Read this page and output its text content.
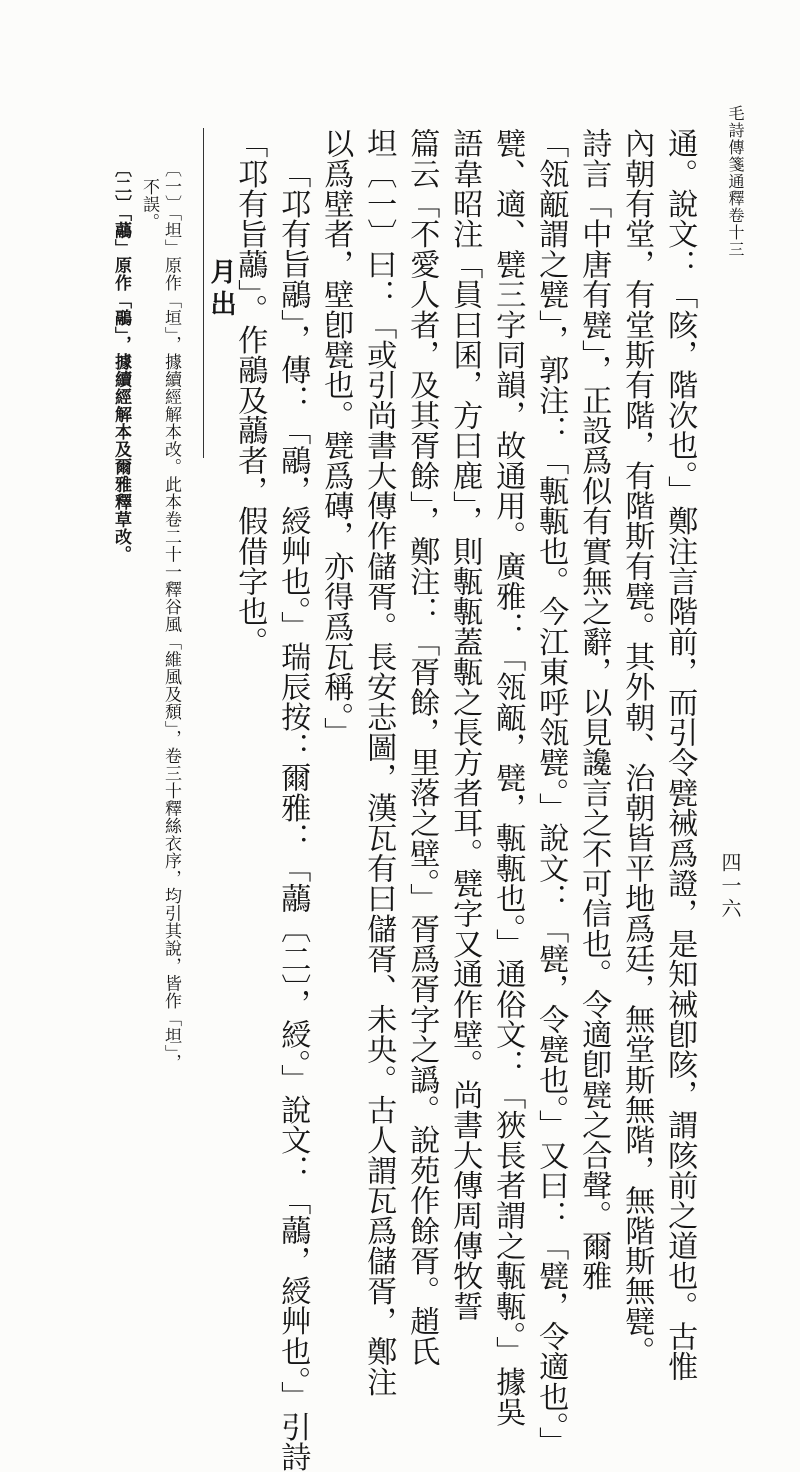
毛詩傳箋通釋卷十三
四一六
通。說文：「陔，階次也。」鄭注言階前，而引令甓祴爲證，是知祴卽陔，謂陔前之道也。古惟
內朝有堂，有堂斯有階，有階斯有甓。其外朝、治朝皆平地爲廷，無堂斯無階，無階斯無甓。
詩言「中唐有甓」，正設爲似有實無之辭，以見讒言之不可信也。令適卽甓之合聲。爾雅
「瓴甋謂之甓」，郭注：「甎甎也。今江東呼瓴甓。」說文：「甓，令甓也。」又曰：「甓，令適也。」
甓、適、甓三字同韻，故通用。廣雅：「瓴甋，甓，甎甎也。」通俗文：「狹長者謂之甎甎。」據吳
語韋昭注「員曰囷，方曰鹿」，則甎甎蓋甎之長方者耳。甓字又通作壁。尚書大傳周傳牧誓
篇云「不愛人者，及其胥餘」，鄭注：「胥餘，里落之壁。」胥爲胥字之譌。說苑作餘胥。趙氏
坦〔一〕曰：「或引尚書大傳作儲胥。長安志圖，漢瓦有曰儲胥、未央。古人謂瓦爲儲胥，鄭注
以爲壁者，壁卽甓也。甓爲磚，亦得爲瓦稱。」
「邛有旨鷊」，傳：「鷊，綬艸也。」瑞辰按：爾雅：「虉〔二〕，綬。」說文：「虉，綬艸也。」引詩
「邛有旨虉」。作鷊及虉者，假借字也。
月出
〔一〕「坦」原作「垣」，據續經解本改。此本卷二十一釋谷風「維風及頹」，卷三十釋絲衣序，均引其說，皆作「坦」，
不誤。
〔二〕「虉」原作「鷊」，據續經解本及爾雅釋草改。
